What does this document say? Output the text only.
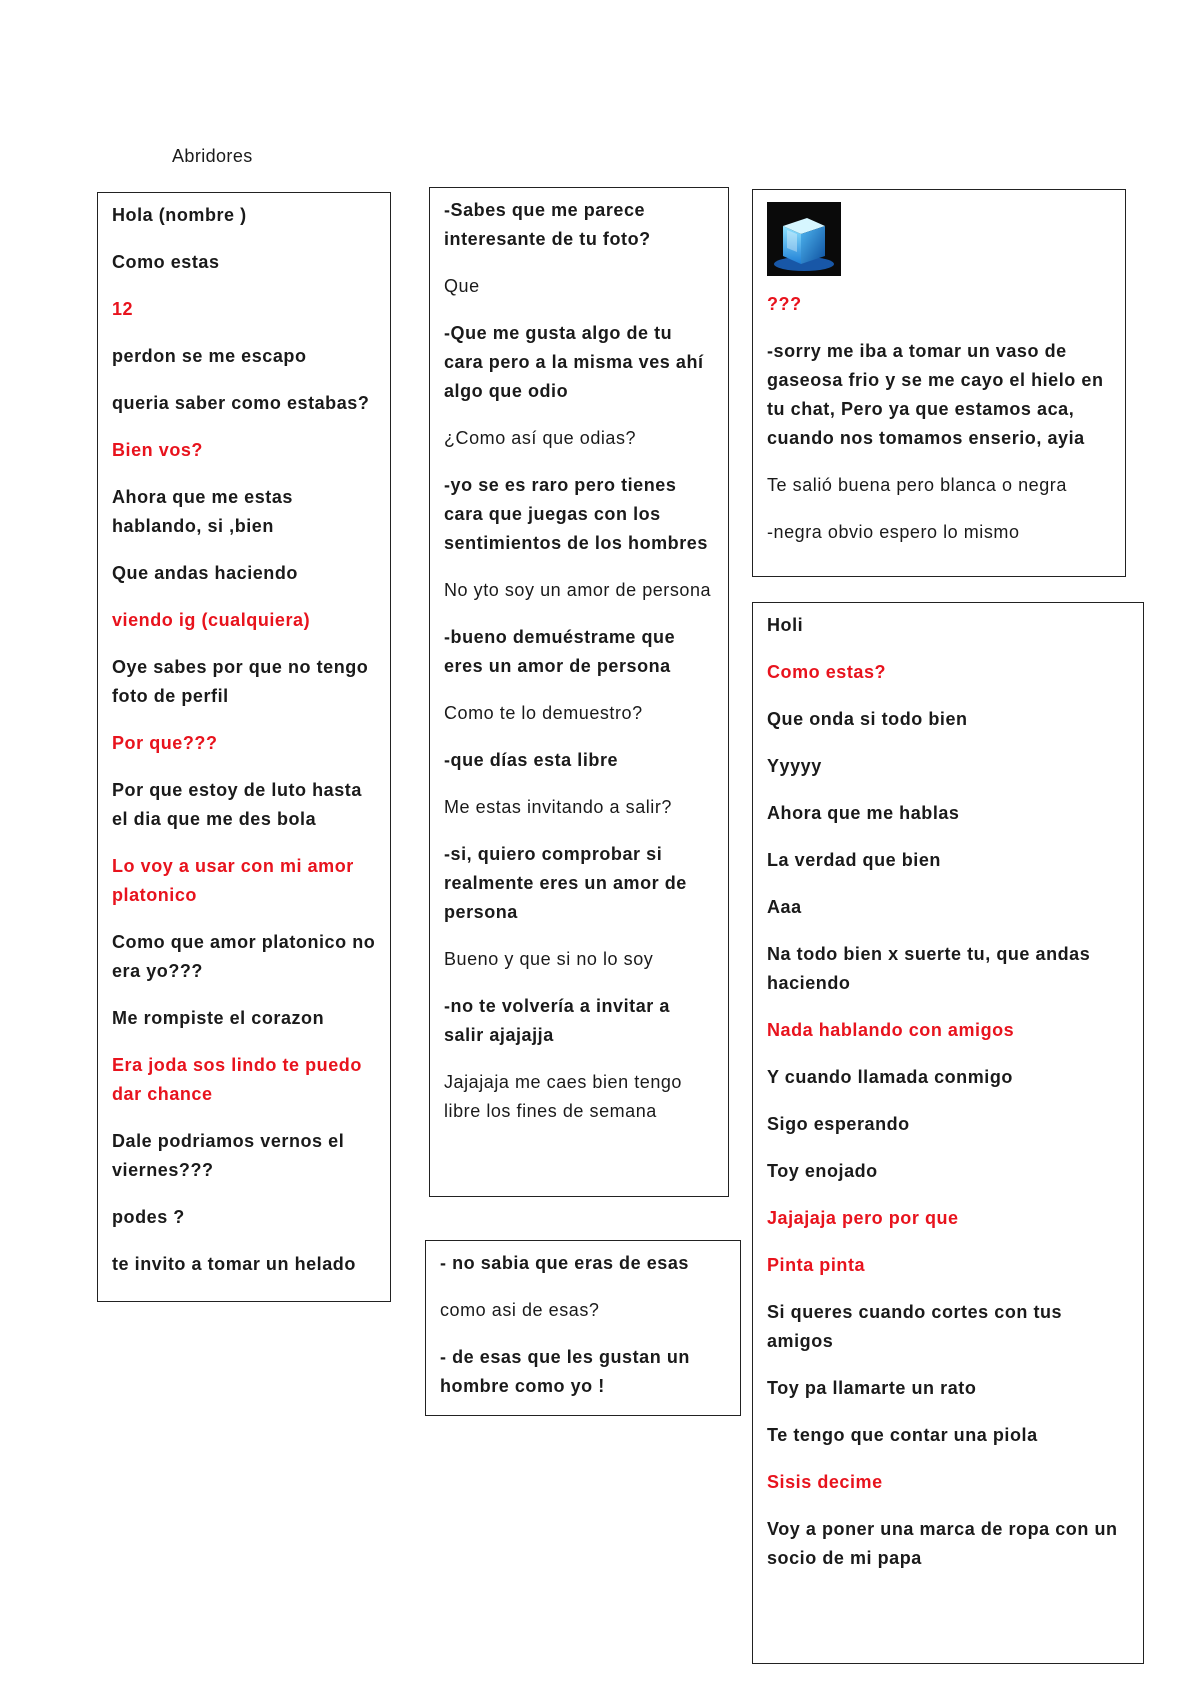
Abridores

Hola (nombre )

Como estas

12

perdon se me escapo

queria saber como estabas?

Bien vos?

Ahora que me estas hablando, si ,bien

Que andas haciendo

viendo ig (cualquiera)

Oye sabes por que no tengo foto de perfil

Por que???

Por que estoy de luto hasta el dia que me des bola

Lo voy a usar con mi amor platonico

Como que amor platonico no era yo???

Me rompiste el corazon

Era joda sos lindo te puedo dar chance

Dale podriamos vernos el viernes???

podes ?

te invito a tomar un helado

-Sabes que me parece interesante de tu foto?

Que

-Que me gusta algo de tu cara pero a la misma ves ahí algo que odio

¿Como así que odias?

-yo se es raro pero tienes cara que juegas con los sentimientos de los hombres

No yto soy un amor de persona

-bueno demuéstrame que eres un amor de persona

Como te lo demuestro?

-que días esta libre

Me estas invitando a salir?

-si, quiero comprobar si realmente eres un amor de persona

Bueno y que si no lo soy

-no te volvería a invitar a salir ajajajja

Jajajaja me caes bien tengo libre los fines de semana

- no sabia que eras de esas

como asi de esas?

- de esas que les gustan un hombre como yo !

???

-sorry me iba a tomar un vaso de gaseosa frio y se me cayo el hielo en tu chat, Pero ya que estamos aca, cuando nos tomamos enserio, ayia

Te salió buena pero blanca o negra

-negra obvio espero lo mismo

Holi

Como estas?

Que onda si todo bien

Yyyyy

Ahora que me hablas

La verdad que bien

Aaa

Na todo bien x suerte tu, que andas haciendo

Nada hablando con amigos

Y cuando llamada conmigo

Sigo esperando

Toy enojado

Jajajaja pero por que

Pinta pinta

Si queres cuando cortes con tus amigos

Toy pa llamarte un rato

Te tengo que contar una piola

Sisis decime

Voy a poner una marca de ropa con un socio de mi papa
